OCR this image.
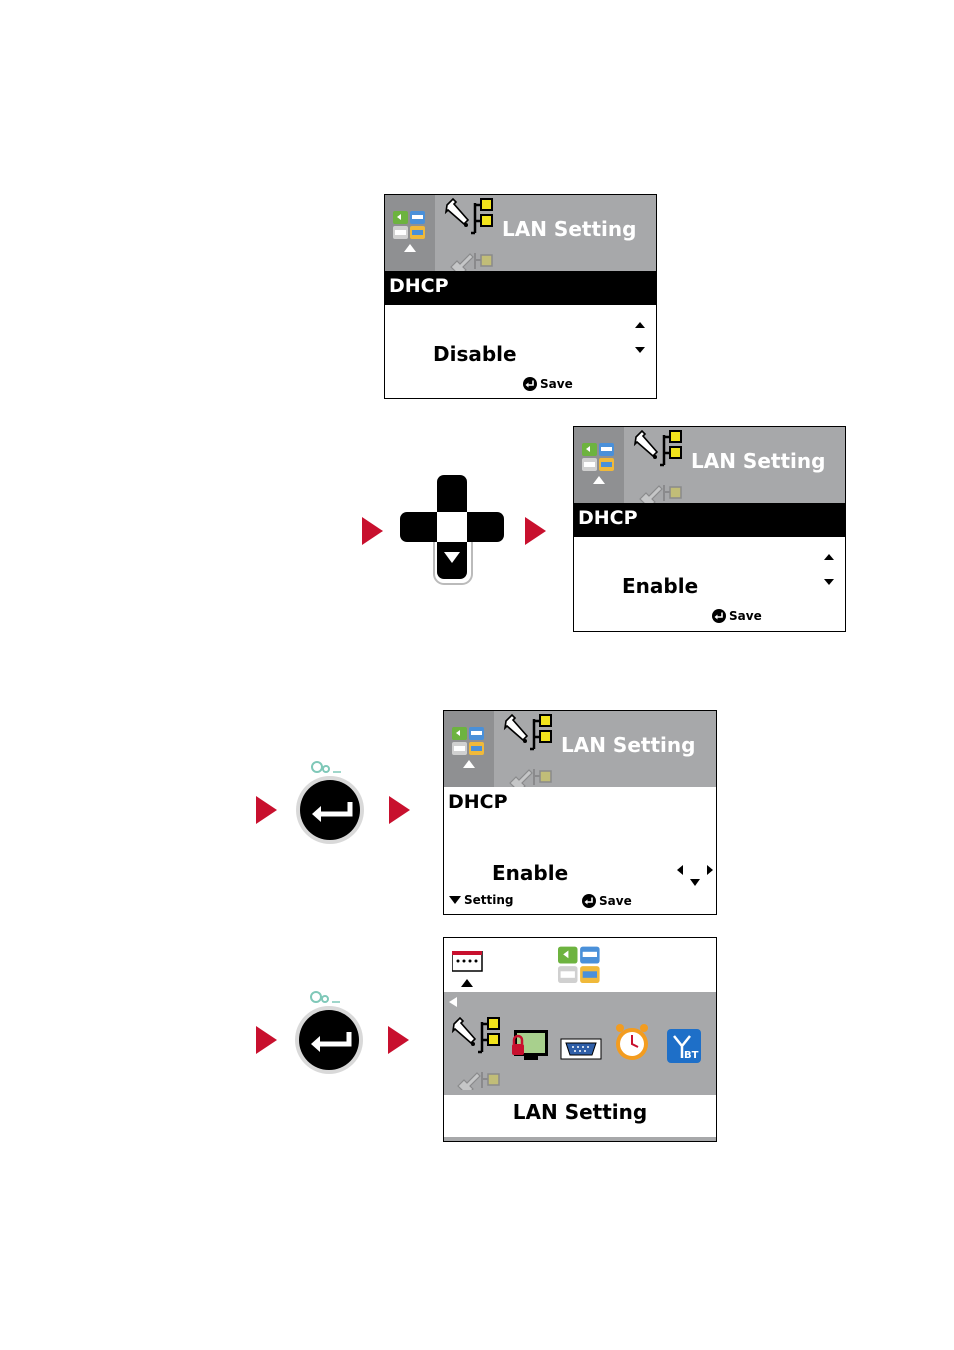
LAN Setting
DHCP
Disable
Save
LAN Setting
DHCP
Enable
Save
LAN Setting
DHCP
Enable
Setting	Save
BT
LAN Setting
